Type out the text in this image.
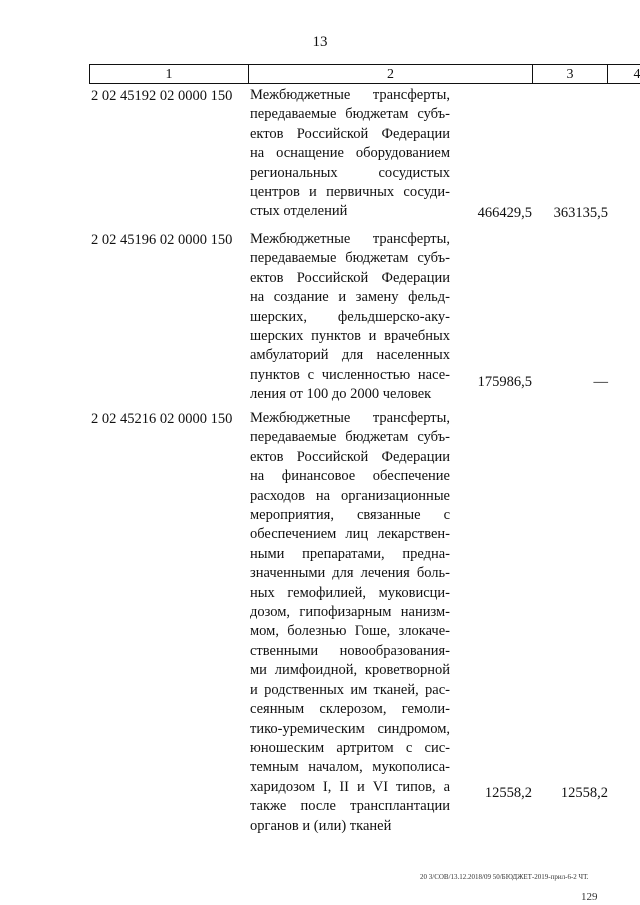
13
1	2	3	4
2 02 45192 02 0000 150 Межбюджетные трансферты,
передаваемые бюджетам субъ-
ектов Российской Федерации
на оснащение оборудованием
региональных сосудистых
центров и первичных сосуди-
стых отделений	466429,5	363135,5
2 02 45196 02 0000 150 Межбюджетные трансферты,
передаваемые бюджетам субъ-
ектов Российской Федерации
на создание и замену фельд-
шерских, фельдшерско-аку-
шерских пунктов и врачебных
амбулаторий для населенных
пунктов с численностью насе-
ления от 100 до 2000 человек
175986,5	—
2 02 45216 02 0000 150 Межбюджетные трансферты,
передаваемые бюджетам субъ-
ектов Российской Федерации
на финансовое обеспечение
расходов на организационные
мероприятия, связанные с
обеспечением лиц лекарствен-
ными препаратами, предна-
значенными для лечения боль-
ных гемофилией, муковисци-
дозом, гипофизарным нанизм-
мом, болезнью Гоше, злокаче-
ственными новообразования-
ми лимфоидной, кроветворной
и родственных им тканей, рас-
сеянным склерозом, гемоли-
тико-уремическим синдромом,
юношеским артритом с сис-
темным началом, мукополиса-
харидозом I, II и VI типов, а
также после трансплантации
органов и (или) тканей
12558,2	12558,2
20 3/СОВ/13.12.2018/09 50/БЮДЖЕТ-2019-прил-6-2 ЧТ.
129
